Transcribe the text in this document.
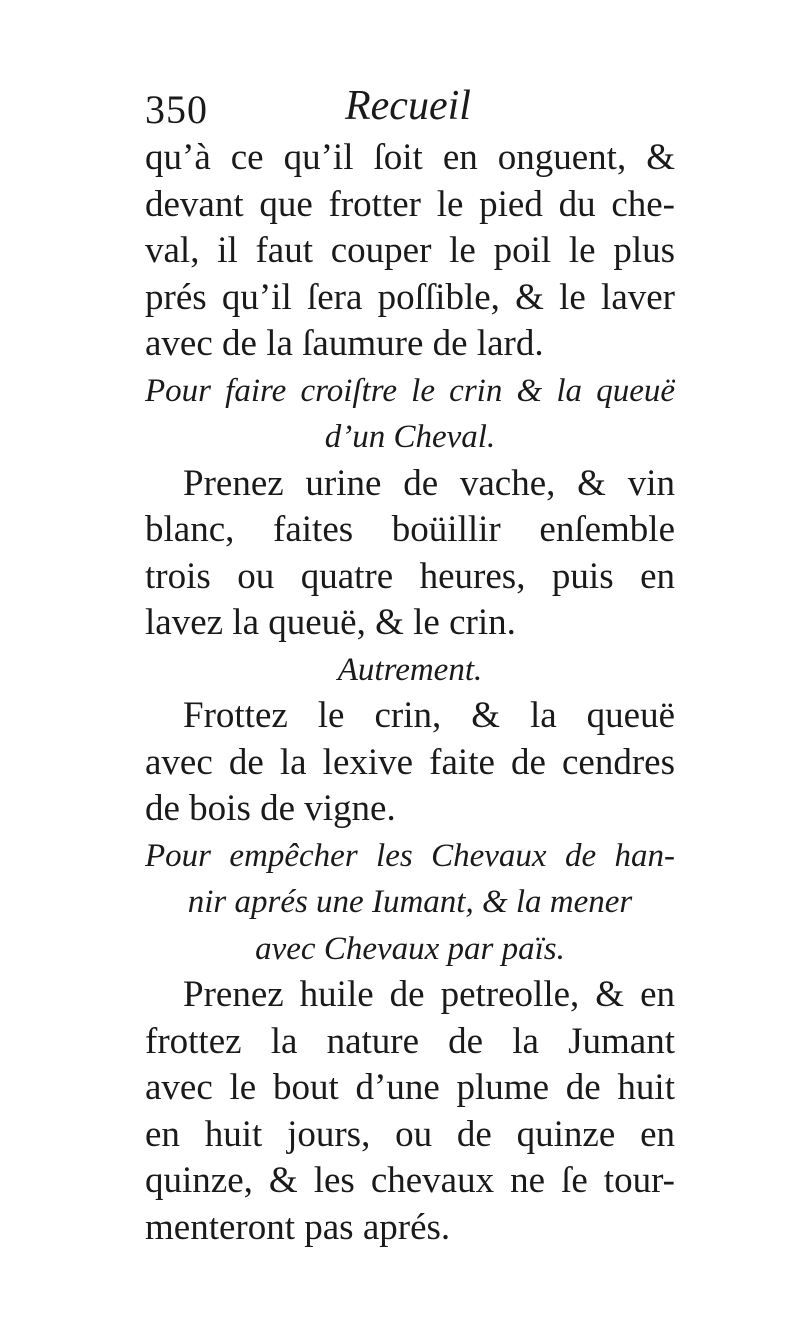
350	Recueil
qu’à ce qu’il ſoit en onguent, &
devant que frotter le pied du che-
val, il faut couper le poil le plus
prés qu’il ſera poſſible, & le laver
avec de la ſaumure de lard.
Pour faire croiſtre le crin & la queuë
d’un Cheval.
Prenez urine de vache, & vin
blanc, faites boüillir enſemble
trois ou quatre heures, puis en
lavez la queuë, & le crin.
Autrement.
Frottez le crin, & la queuë
avec de la lexive faite de cendres
de bois de vigne.
Pour empêcher les Chevaux de han-
nir aprés une Iumant, & la mener
avec Chevaux par païs.
Prenez huile de petreolle, & en
frottez la nature de la Jumant
avec le bout d’une plume de huit
en huit jours, ou de quinze en
quinze, & les chevaux ne ſe tour-
menteront pas aprés.
